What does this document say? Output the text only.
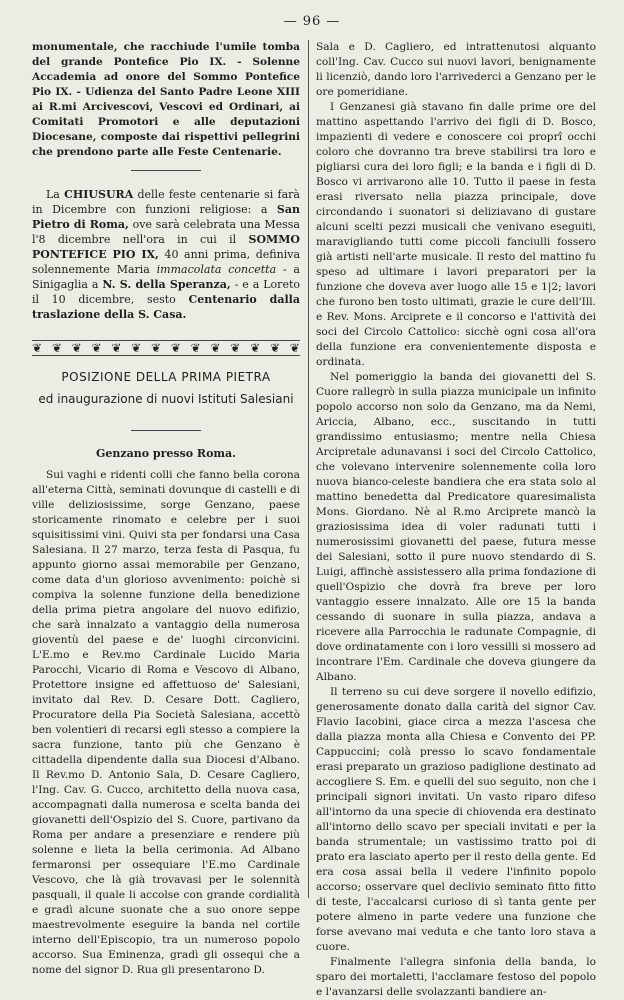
— 96 —

monumentale, che racchiude l'umile tomba del grande Pontefice Pio IX. - Solenne Accademia ad onore del Sommo Pontefice Pio IX. - Udienza del Santo Padre Leone XIII ai R.mi Arcivescovi, Vescovi ed Ordinari, ai Comitati Promotori e alle deputazioni Diocesane, composte dai rispettivi pellegrini che prendono parte alle Feste Centenarie.

La CHIUSURA delle feste centenarie si farà in Dicembre con funzioni religiose: a San Pietro di Roma, ove sarà celebrata una Messa l'8 dicembre nell'ora in cui il SOMMO PONTEFICE PIO IX, 40 anni prima, definiva solennemente Maria immacolata concetta - a Sinigaglia a N. S. della Speranza, - e a Loreto il 10 dicembre, sesto Centenario dalla traslazione della S. Casa.

❦ ❦ ❦ ❦ ❦ ❦ ❦ ❦ ❦ ❦ ❦ ❦ ❦ ❦
POSIZIONE DELLA PRIMA PIETRA
ed inaugurazione di nuovi Istituti Salesiani
Genzano presso Roma.

Sui vaghi e ridenti colli che fanno bella corona all'eterna Città, seminati dovunque di castelli e di ville deliziosissime, sorge Genzano, paese storicamente rinomato e celebre per i suoi squisitissimi vini. Quivi sta per fondarsi una Casa Salesiana. Il 27 marzo, terza festa di Pasqua, fu appunto giorno assai memorabile per Genzano, come data d'un glorioso avvenimento: poichè si compiva la solenne funzione della benedizione della prima pietra angolare del nuovo edifizio, che sarà innalzato a vantaggio della numerosa gioventù del paese e de' luoghi circonvicini. L'E.mo e Rev.mo Cardinale Lucido Maria Parocchi, Vicario di Roma e Vescovo di Albano, Protettore insigne ed affettuoso de' Salesiani, invitato dal Rev. D. Cesare Dott. Cagliero, Procuratore della Pia Società Salesiana, accettò ben volentieri di recarsi egli stesso a compiere la sacra funzione, tanto più che Genzano è cittadella dipendente dalla sua Diocesi d'Albano. Il Rev.mo D. Antonio Sala, D. Cesare Cagliero, l'Ing. Cav. G. Cucco, architetto della nuova casa, accompagnati dalla numerosa e scelta banda dei giovanetti dell'Ospizio del S. Cuore, partivano da Roma per andare a presenziare e rendere più solenne e lieta la bella cerimonia. Ad Albano fermaronsi per ossequiare l'E.mo Cardinale Vescovo, che là già trovavasi per le solennità pasquali, il quale li accolse con grande cordialità e gradì alcune suonate che a suo onore seppe maestrevolmente eseguire la banda nel cortile interno dell'Episcopio, tra un numeroso popolo accorso. Sua Eminenza, gradì gli ossequi che a nome del signor D. Rua gli presentarono D.

Sala e D. Cagliero, ed intrattenutosi alquanto coll'Ing. Cav. Cucco sui nuovi lavori, benignamente li licenziò, dando loro l'arrivederci a Genzano per le ore pomeridiane.

I Genzanesi già stavano fin dalle prime ore del mattino aspettando l'arrivo dei figli di D. Bosco, impazienti di vedere e conoscere coi proprî occhi coloro che dovranno tra breve stabilirsi tra loro e pigliarsi cura dei loro figli; e la banda e i figli di D. Bosco vi arrivarono alle 10. Tutto il paese in festa erasi riversato nella piazza principale, dove circondando i suonatori si deliziavano di gustare alcuni scelti pezzi musicali che venivano eseguiti, maravigliando tutti come piccoli fanciulli fossero già artisti nell'arte musicale. Il resto del mattino fu speso ad ultimare i lavori preparatori per la funzione che doveva aver luogo alle 15 e 1|2; lavori che furono ben tosto ultimati, grazie le cure dell'Ill. e Rev. Mons. Arciprete e il concorso e l'attività dei soci del Circolo Cattolico: sicchè ogni cosa all'ora della funzione era convenientemente disposta e ordinata.

Nel pomeriggio la banda dei giovanetti del S. Cuore rallegrò in sulla piazza municipale un infinito popolo accorso non solo da Genzano, ma da Nemi, Ariccia, Albano, ecc., suscitando in tutti grandissimo entusiasmo; mentre nella Chiesa Arcipretale adunavansi i soci del Circolo Cattolico, che volevano intervenire solennemente colla loro nuova bianco-celeste bandiera che era stata solo al mattino benedetta dal Predicatore quaresimalista Mons. Giordano. Nè al R.mo Arciprete mancò la graziosissima idea di voler radunati tutti i numerosissimi giovanetti del paese, futura messe dei Salesiani, sotto il pure nuovo stendardo di S. Luigi, affinchè assistessero alla prima fondazione di quell'Ospizio che dovrà fra breve per loro vantaggio essere innalzato. Alle ore 15 la banda cessando di suonare in sulla piazza, andava a ricevere alla Parrocchia le radunate Compagnie, di dove ordinatamente con i loro vessilli si mossero ad incontrare l'Em. Cardinale che doveva giungere da Albano.

Il terreno su cui deve sorgere il novello edifizio, generosamente donato dalla carità del signor Cav. Flavio Iacobini, giace circa a mezza l'ascesa che dalla piazza monta alla Chiesa e Convento dei PP. Cappuccini; colà presso lo scavo fondamentale erasi preparato un grazioso padiglione destinato ad accogliere S. Em. e quelli del suo seguito, non che i principali signori invitati. Un vasto riparo difeso all'intorno da una specie di chiovenda era destinato all'intorno dello scavo per speciali invitati e per la banda strumentale; un vastissimo tratto poi di prato era lasciato aperto per il resto della gente. Ed era cosa assai bella il vedere l'infinito popolo accorso; osservare quel declivio seminato fitto fitto di teste, l'accalcarsi curioso di sì tanta gente per potere almeno in parte vedere una funzione che forse avevano mai veduta e che tanto loro stava a cuore.

Finalmente l'allegra sinfonia della banda, lo sparo dei mortaletti, l'acclamare festoso del popolo e l'avanzarsi delle svolazzanti bandiere an-
